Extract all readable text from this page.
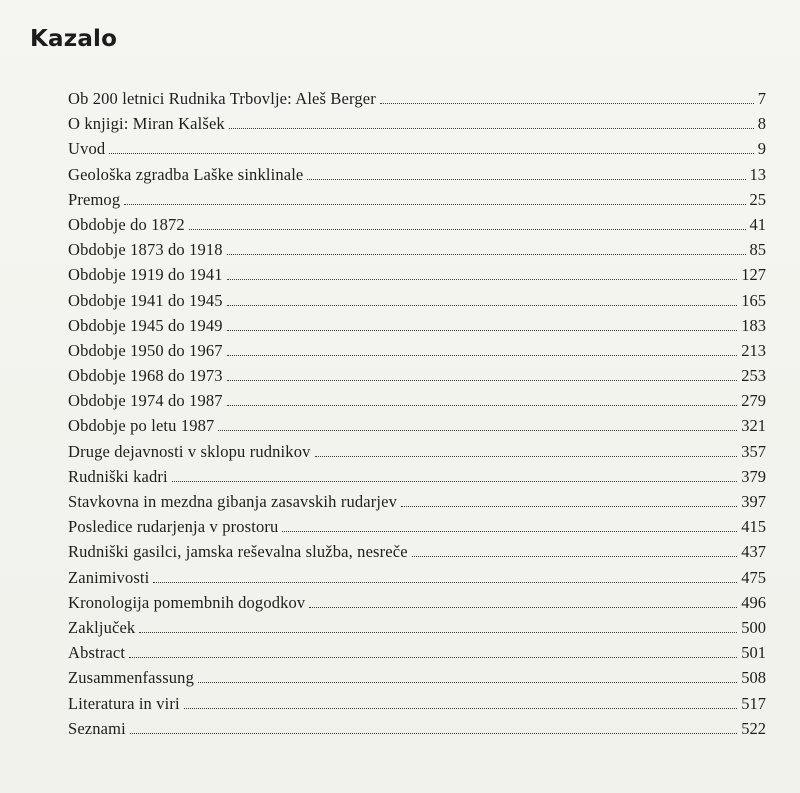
Kazalo
Ob 200 letnici Rudnika Trbovlje: Aleš Berger	7
O knjigi: Miran Kalšek	8
Uvod	9
Geološka zgradba Laške sinklinale	13
Premog	25
Obdobje do 1872	41
Obdobje 1873 do 1918	85
Obdobje 1919 do 1941	127
Obdobje 1941 do 1945	165
Obdobje 1945 do 1949	183
Obdobje 1950 do 1967	213
Obdobje 1968 do 1973	253
Obdobje 1974 do 1987	279
Obdobje po letu 1987	321
Druge dejavnosti v sklopu rudnikov	357
Rudniški kadri	379
Stavkovna in mezdna gibanja zasavskih rudarjev	397
Posledice rudarjenja v prostoru	415
Rudniški gasilci, jamska reševalna služba, nesreče	437
Zanimivosti	475
Kronologija pomembnih dogodkov	496
Zaključek	500
Abstract	501
Zusammenfassung	508
Literatura in viri	517
Seznami	522
